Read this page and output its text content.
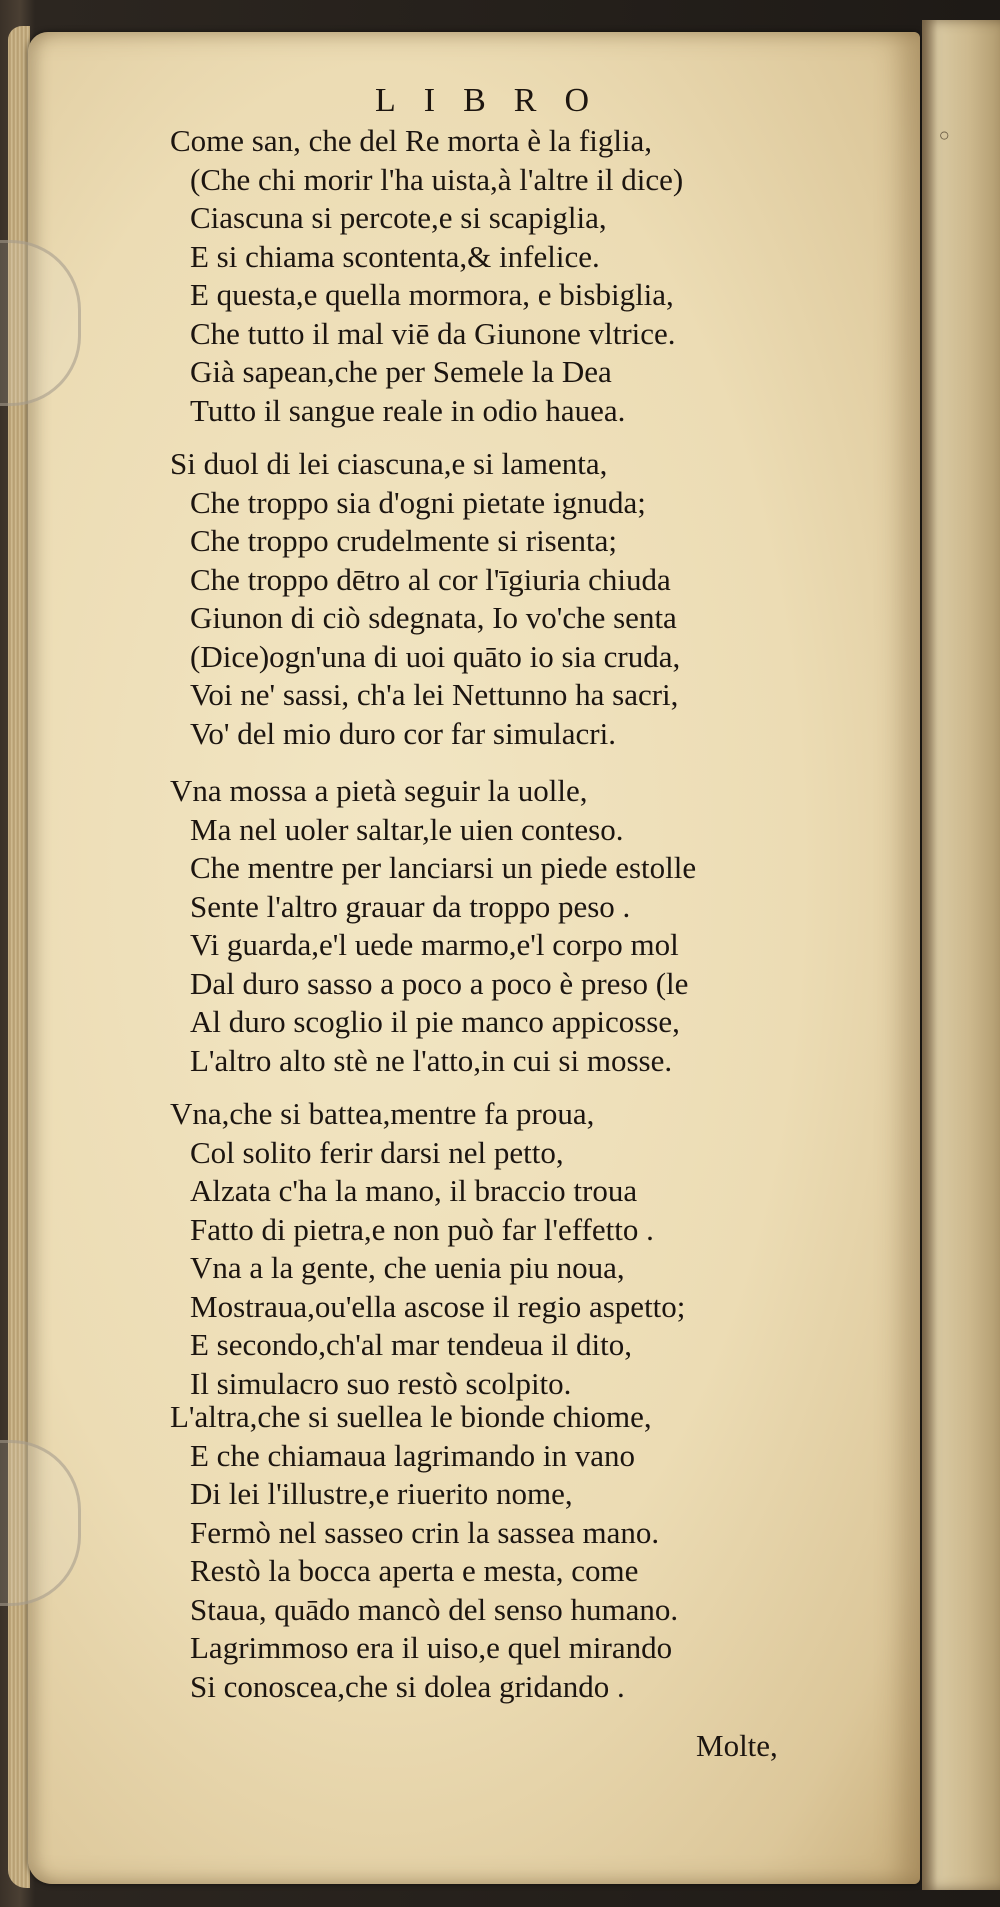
◦
LIBRO
Come san, che del Re morta è la figlia,
(Che chi morir l'ha uista,à l'altre il dice)
Ciascuna si percote,e si scapiglia,
E si chiama scontenta,& infelice.
E questa,e quella mormora, e bisbiglia,
Che tutto il mal viē da Giunone vltrice.
Già sapean,che per Semele la Dea
Tutto il sangue reale in odio hauea.
Si duol di lei ciascuna,e si lamenta,
Che troppo sia d'ogni pietate ignuda;
Che troppo crudelmente si risenta;
Che troppo dētro al cor l'īgiuria chiuda
Giunon di ciò sdegnata, Io vo'che senta
(Dice)ogn'una di uoi quāto io sia cruda,
Voi ne' sassi, ch'a lei Nettunno ha sacri,
Vo' del mio duro cor far simulacri.
Vna mossa a pietà seguir la uolle,
Ma nel uoler saltar,le uien conteso.
Che mentre per lanciarsi un piede estolle
Sente l'altro grauar da troppo peso .
Vi guarda,e'l uede marmo,e'l corpo mol
Dal duro sasso a poco a poco è preso (le
Al duro scoglio il pie manco appicosse,
L'altro alto stè ne l'atto,in cui si mosse.
Vna,che si battea,mentre fa proua,
Col solito ferir darsi nel petto,
Alzata c'ha la mano, il braccio troua
Fatto di pietra,e non può far l'effetto .
Vna a la gente, che uenia piu noua,
Mostraua,ou'ella ascose il regio aspetto;
E secondo,ch'al mar tendeua il dito,
Il simulacro suo restò scolpito.
L'altra,che si suellea le bionde chiome,
E che chiamaua lagrimando in vano
Di lei l'illustre,e riuerito nome,
Fermò nel sasseo crin la sassea mano.
Restò la bocca aperta e mesta, come
Staua, quādo mancò del senso humano.
Lagrimmoso era il uiso,e quel mirando
Si conoscea,che si dolea gridando .
Molte,
